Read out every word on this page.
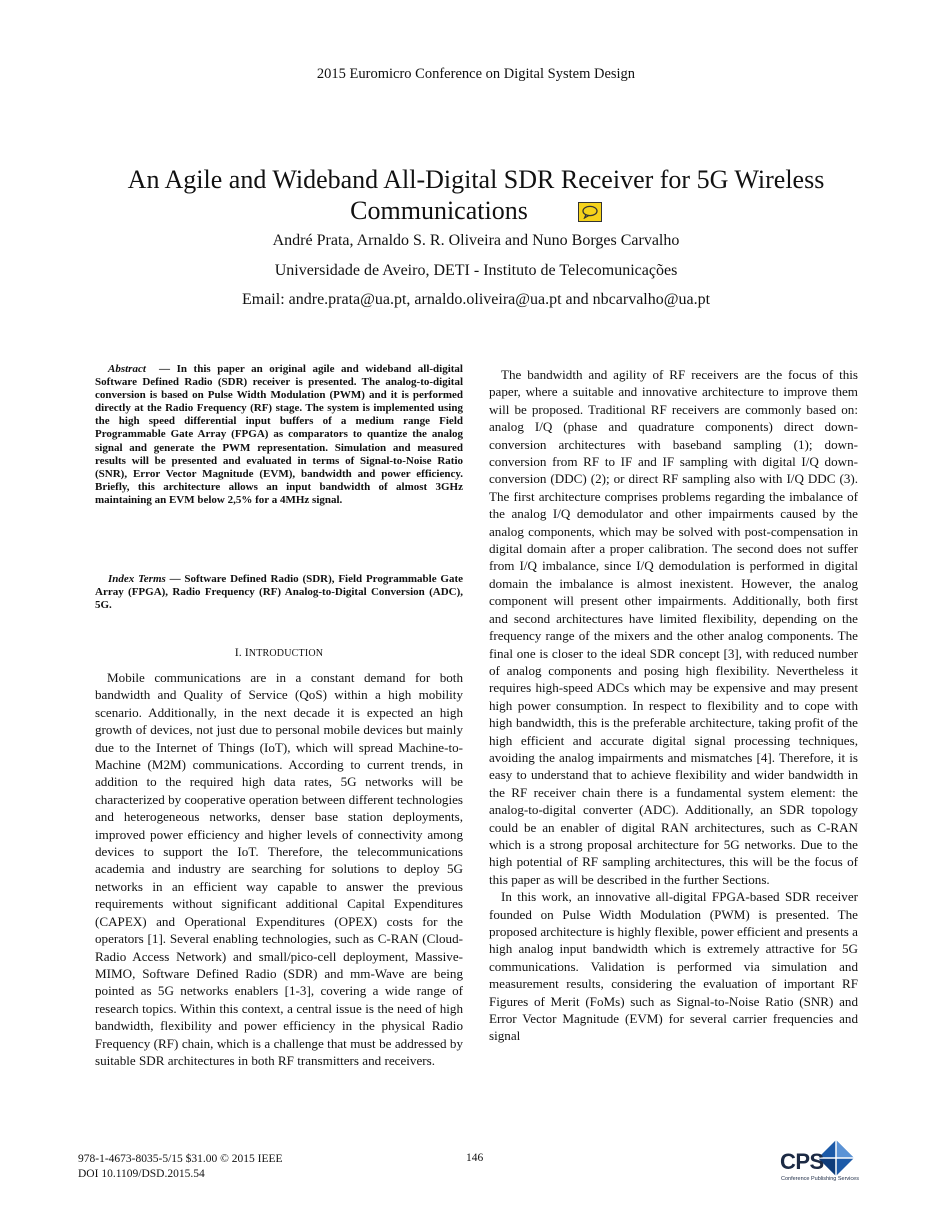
2015 Euromicro Conference on Digital System Design
An Agile and Wideband All-Digital SDR Receiver for 5G Wireless Communications
André Prata, Arnaldo S. R. Oliveira and Nuno Borges Carvalho
Universidade de Aveiro, DETI - Instituto de Telecomunicações
Email: andre.prata@ua.pt, arnaldo.oliveira@ua.pt and nbcarvalho@ua.pt
Abstract — In this paper an original agile and wideband all-digital Software Defined Radio (SDR) receiver is presented. The analog-to-digital conversion is based on Pulse Width Modulation (PWM) and it is performed directly at the Radio Frequency (RF) stage. The system is implemented using the high speed differential input buffers of a medium range Field Programmable Gate Array (FPGA) as comparators to quantize the analog signal and generate the PWM representation. Simulation and measured results will be presented and evaluated in terms of Signal-to-Noise Ratio (SNR), Error Vector Magnitude (EVM), bandwidth and power efficiency. Briefly, this architecture allows an input bandwidth of almost 3GHz maintaining an EVM below 2,5% for a 4MHz signal.
Index Terms — Software Defined Radio (SDR), Field Programmable Gate Array (FPGA), Radio Frequency (RF) Analog-to-Digital Conversion (ADC), 5G.
I. INTRODUCTION
Mobile communications are in a constant demand for both bandwidth and Quality of Service (QoS) within a high mobility scenario. Additionally, in the next decade it is expected an high growth of devices, not just due to personal mobile devices but mainly due to the Internet of Things (IoT), which will spread Machine-to-Machine (M2M) communications. According to current trends, in addition to the required high data rates, 5G networks will be characterized by cooperative operation between different technologies and heterogeneous networks, denser base station deployments, improved power efficiency and higher levels of connectivity among devices to support the IoT. Therefore, the telecommunications academia and industry are searching for solutions to deploy 5G networks in an efficient way capable to answer the previous requirements without significant additional Capital Expenditures (CAPEX) and Operational Expenditures (OPEX) costs for the operators [1]. Several enabling technologies, such as C-RAN (Cloud-Radio Access Network) and small/pico-cell deployment, Massive-MIMO, Software Defined Radio (SDR) and mm-Wave are being pointed as 5G networks enablers [1-3], covering a wide range of research topics. Within this context, a central issue is the need of high bandwidth, flexibility and power efficiency in the physical Radio Frequency (RF) chain, which is a challenge that must be addressed by suitable SDR architectures in both RF transmitters and receivers.

The bandwidth and agility of RF receivers are the focus of this paper, where a suitable and innovative architecture to improve them will be proposed. Traditional RF receivers are commonly based on: analog I/Q (phase and quadrature components) direct down-conversion architectures with baseband sampling (1); down-conversion from RF to IF and IF sampling with digital I/Q down-conversion (DDC) (2); or direct RF sampling also with I/Q DDC (3). The first architecture comprises problems regarding the imbalance of the analog I/Q demodulator and other impairments caused by the analog components, which may be solved with post-compensation in digital domain after a proper calibration. The second does not suffer from I/Q imbalance, since I/Q demodulation is performed in digital domain the imbalance is almost inexistent. However, the analog component will present other impairments. Additionally, both first and second architectures have limited flexibility, depending on the frequency range of the mixers and the other analog components. The final one is closer to the ideal SDR concept [3], with reduced number of analog components and posing high flexibility. Nevertheless it requires high-speed ADCs which may be expensive and may present high power consumption. In respect to flexibility and to cope with high bandwidth, this is the preferable architecture, taking profit of the high efficient and accurate digital signal processing techniques, avoiding the analog impairments and mismatches [4]. Therefore, it is easy to understand that to achieve flexibility and wider bandwidth in the RF receiver chain there is a fundamental system element: the analog-to-digital converter (ADC). Additionally, an SDR topology could be an enabler of digital RAN architectures, such as C-RAN which is a strong proposal architecture for 5G networks. Due to the high potential of RF sampling architectures, this will be the focus of this paper as will be described in the further Sections.

In this work, an innovative all-digital FPGA-based SDR receiver founded on Pulse Width Modulation (PWM) is presented. The proposed architecture is highly flexible, power efficient and presents a high analog input bandwidth which is extremely attractive for 5G communications. Validation is performed via simulation and measurement results, considering the evaluation of important RF Figures of Merit (FoMs) such as Signal-to-Noise Ratio (SNR) and Error Vector Magnitude (EVM) for several carrier frequencies and signal

978-1-4673-8035-5/15 $31.00 © 2015 IEEE
DOI 10.1109/DSD.2015.54
146	CPS
Conference Publishing Services
